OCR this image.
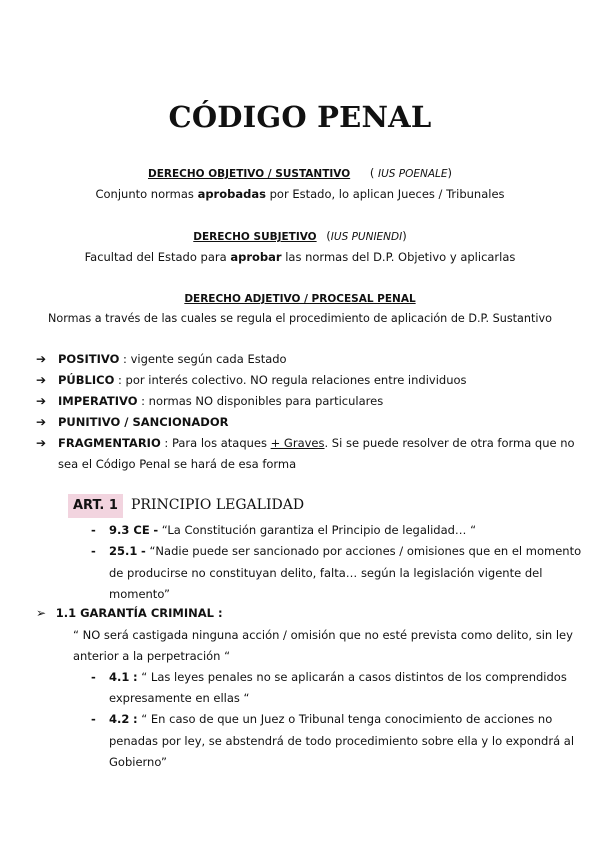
CÓDIGO PENAL
DERECHO OBJETIVO / SUSTANTIVO ( IUS POENALE)
Conjunto normas aprobadas por Estado, lo aplican Jueces / Tribunales
DERECHO SUBJETIVO (IUS PUNIENDI)
Facultad del Estado para aprobar las normas del D.P. Objetivo y aplicarlas
DERECHO ADJETIVO / PROCESAL PENAL
Normas a través de las cuales se regula el procedimiento de aplicación de D.P. Sustantivo
➔ POSITIVO : vigente según cada Estado
➔ PÚBLICO : por interés colectivo. NO regula relaciones entre individuos
➔ IMPERATIVO : normas NO disponibles para particulares
➔ PUNITIVO / SANCIONADOR
➔ FRAGMENTARIO : Para los ataques + Graves. Si se puede resolver de otra forma que no
sea el Código Penal se hará de esa forma
ART. 1 PRINCIPIO LEGALIDAD
- 9.3 CE - “La Constitución garantiza el Principio de legalidad… “
- 25.1 - “Nadie puede ser sancionado por acciones / omisiones que en el momento
de producirse no constituyan delito, falta… según la legislación vigente del
momento”
➢ 1.1 GARANTÍA CRIMINAL :
“ NO será castigada ninguna acción / omisión que no esté prevista como delito, sin ley
anterior a la perpetración “
- 4.1 : “ Las leyes penales no se aplicarán a casos distintos de los comprendidos
expresamente en ellas “
- 4.2 : “ En caso de que un Juez o Tribunal tenga conocimiento de acciones no
penadas por ley, se abstendrá de todo procedimiento sobre ella y lo expondrá al
Gobierno”
